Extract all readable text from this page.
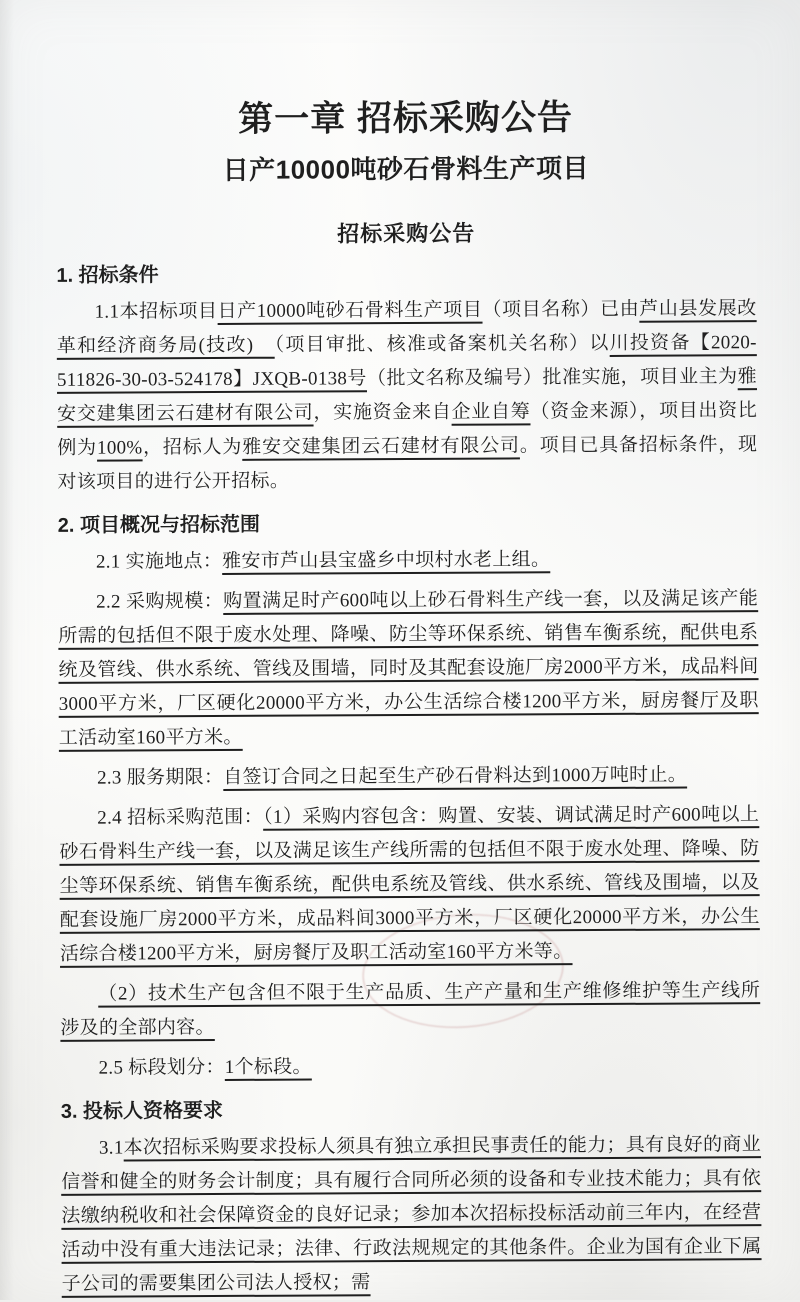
第一章 招标采购公告
日产10000吨砂石骨料生产项目
招标采购公告
1. 招标条件

1.1本招标项目日产10000吨砂石骨料生产项目（项目名称）已由芦山县发展改革和经济商务局(技改)　（项目审批、核准或备案机关名称）以川投资备【2020-511826-30-03-524178】JXQB-0138号（批文名称及编号）批准实施，项目业主为雅安交建集团云石建材有限公司，实施资金来自企业自筹（资金来源），项目出资比例为100%，招标人为雅安交建集团云石建材有限公司。项目已具备招标条件，现对该项目的进行公开招标。

2. 项目概况与招标范围

2.1 实施地点：雅安市芦山县宝盛乡中坝村水老上组。

2.2 采购规模：购置满足时产600吨以上砂石骨料生产线一套，以及满足该产能所需的包括但不限于废水处理、降噪、防尘等环保系统、销售车衡系统，配供电系统及管线、供水系统、管线及围墙，同时及其配套设施厂房2000平方米，成品料间3000平方米，厂区硬化20000平方米，办公生活综合楼1200平方米，厨房餐厅及职工活动室160平方米。

2.3 服务期限：自签订合同之日起至生产砂石骨料达到1000万吨时止。

2.4 招标采购范围：（1）采购内容包含：购置、安装、调试满足时产600吨以上砂石骨料生产线一套，以及满足该生产线所需的包括但不限于废水处理、降噪、防尘等环保系统、销售车衡系统，配供电系统及管线、供水系统、管线及围墙，以及配套设施厂房2000平方米，成品料间3000平方米，厂区硬化20000平方米，办公生活综合楼1200平方米，厨房餐厅及职工活动室160平方米等。

（2）技术生产包含但不限于生产品质、生产产量和生产维修维护等生产线所涉及的全部内容。

2.5 标段划分：1个标段。

3. 投标人资格要求

3.1本次招标采购要求投标人须具有独立承担民事责任的能力；具有良好的商业信誉和健全的财务会计制度；具有履行合同所必须的设备和专业技术能力；具有依法缴纳税收和社会保障资金的良好记录；参加本次招标投标活动前三年内，在经营活动中没有重大违法记录；法律、行政法规规定的其他条件。企业为国有企业下属子公司的需要集团公司法人授权；需
